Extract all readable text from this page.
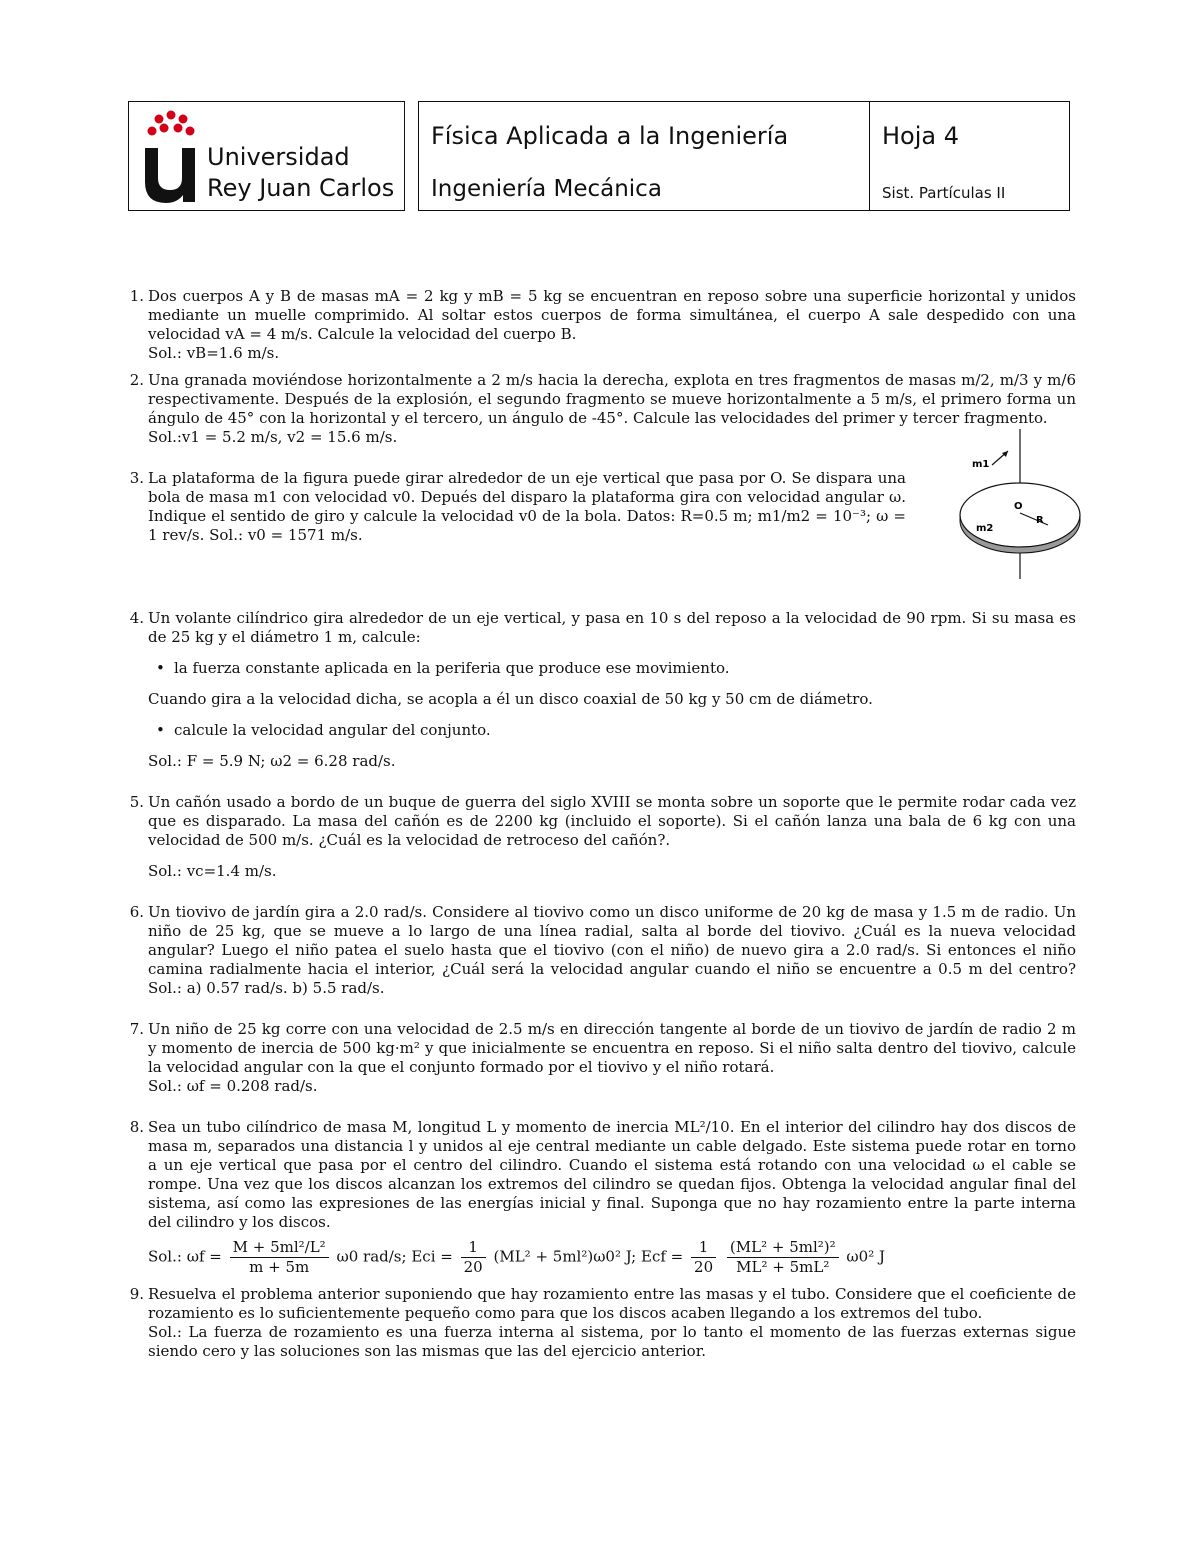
Universidad
Rey Juan Carlos
Física Aplicada a la Ingeniería
Ingeniería Mecánica
Hoja 4
Sist. Partículas II
1. Dos cuerpos A y B de masas mA = 2 kg y mB = 5 kg se encuentran en reposo sobre una superficie horizontal y unidos mediante un muelle comprimido. Al soltar estos cuerpos de forma simultánea, el cuerpo A sale despedido con una velocidad vA = 4 m/s. Calcule la velocidad del cuerpo B.

Sol.: vB=1.6 m/s.

2. Una granada moviéndose horizontalmente a 2 m/s hacia la derecha, explota en tres fragmentos de masas m/2, m/3 y m/6 respectivamente. Después de la explosión, el segundo fragmento se mueve horizontalmente a 5 m/s, el primero forma un ángulo de 45° con la horizontal y el tercero, un ángulo de -45°. Calcule las velocidades del primer y tercer fragmento.

Sol.:v1 = 5.2 m/s, v2 = 15.6 m/s.

3. La plataforma de la figura puede girar alrededor de un eje vertical que pasa por O. Se dispara una bola de masa m1 con velocidad v0. Depués del disparo la plataforma gira con velocidad angular ω. Indique el sentido de giro y calcule la velocidad v0 de la bola. Datos: R=0.5 m; m1/m2 = 10⁻³; ω = 1 rev/s. Sol.: v0 = 1571 m/s.

m1
O
R
m2
4. Un volante cilíndrico gira alrededor de un eje vertical, y pasa en 10 s del reposo a la velocidad de 90 rpm. Si su masa es de 25 kg y el diámetro 1 m, calcule:

• la fuerza constante aplicada en la periferia que produce ese movimiento.

Cuando gira a la velocidad dicha, se acopla a él un disco coaxial de 50 kg y 50 cm de diámetro.

• calcule la velocidad angular del conjunto.

Sol.: F = 5.9 N; ω2 = 6.28 rad/s.

5. Un cañón usado a bordo de un buque de guerra del siglo XVIII se monta sobre un soporte que le permite rodar cada vez que es disparado. La masa del cañón es de 2200 kg (incluido el soporte). Si el cañón lanza una bala de 6 kg con una velocidad de 500 m/s. ¿Cuál es la velocidad de retroceso del cañón?.

Sol.: vc=1.4 m/s.

6. Un tiovivo de jardín gira a 2.0 rad/s. Considere al tiovivo como un disco uniforme de 20 kg de masa y 1.5 m de radio. Un niño de 25 kg, que se mueve a lo largo de una línea radial, salta al borde del tiovivo. ¿Cuál es la nueva velocidad angular? Luego el niño patea el suelo hasta que el tiovivo (con el niño) de nuevo gira a 2.0 rad/s. Si entonces el niño camina radialmente hacia el interior, ¿Cuál será la velocidad angular cuando el niño se encuentre a 0.5 m del centro? Sol.: a) 0.57 rad/s. b) 5.5 rad/s.

7. Un niño de 25 kg corre con una velocidad de 2.5 m/s en dirección tangente al borde de un tiovivo de jardín de radio 2 m y momento de inercia de 500 kg·m² y que inicialmente se encuentra en reposo. Si el niño salta dentro del tiovivo, calcule la velocidad angular con la que el conjunto formado por el tiovivo y el niño rotará.

Sol.: ωf = 0.208 rad/s.

8. Sea un tubo cilíndrico de masa M, longitud L y momento de inercia ML²/10. En el interior del cilindro hay dos discos de masa m, separados una distancia l y unidos al eje central mediante un cable delgado. Este sistema puede rotar en torno a un eje vertical que pasa por el centro del cilindro. Cuando el sistema está rotando con una velocidad ω el cable se rompe. Una vez que los discos alcanzan los extremos del cilindro se quedan fijos. Obtenga la velocidad angular final del sistema, así como las expresiones de las energías inicial y final. Suponga que no hay rozamiento entre la parte interna del cilindro y los discos.

Sol.: $\omega f = \frac{\text{M + 5ml²/L²}}{m + 5m} \omega 0$ rad/s; Eci = $\frac{1}{20} (ML^2 + 5ml^2)\omega 0^2$ J; Ecf = $\frac{1}{20}$
$\frac{\text{(ML² + 5ml²)²}}{\text{ML² + 5mL²}} \omega 0^2$ J
9. Resuelva el problema anterior suponiendo que hay rozamiento entre las masas y el tubo. Considere que el coeficiente de rozamiento es lo suficientemente pequeño como para que los discos acaben llegando a los extremos del tubo.

Sol.: La fuerza de rozamiento es una fuerza interna al sistema, por lo tanto el momento de las fuerzas externas sigue siendo cero y las soluciones son las mismas que las del ejercicio anterior.
